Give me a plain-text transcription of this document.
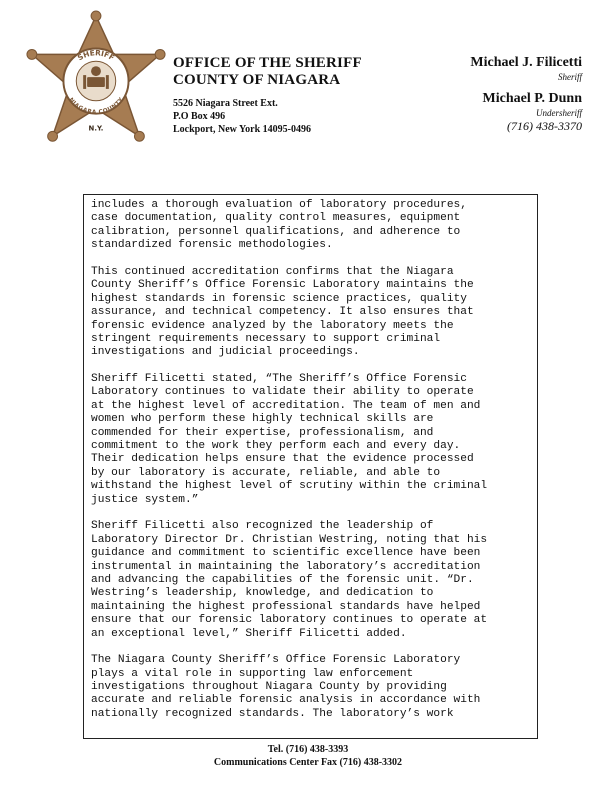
SHERIFF
NIAGARA COUNTY
N.Y.
OFFICE OF THE SHERIFF
COUNTY OF NIAGARA
5526 Niagara Street Ext.
P.O Box 496
Lockport, New York 14095-0496
Michael J. Filicetti
Sheriff
Michael P. Dunn
Undersheriff
(716) 438-3370
includes a thorough evaluation of laboratory procedures,
case documentation, quality control measures, equipment
calibration, personnel qualifications, and adherence to
standardized forensic methodologies.
This continued accreditation confirms that the Niagara
County Sheriff’s Office Forensic Laboratory maintains the
highest standards in forensic science practices, quality
assurance, and technical competency. It also ensures that
forensic evidence analyzed by the laboratory meets the
stringent requirements necessary to support criminal
investigations and judicial proceedings.
Sheriff Filicetti stated, “The Sheriff’s Office Forensic
Laboratory continues to validate their ability to operate
at the highest level of accreditation. The team of men and
women who perform these highly technical skills are
commended for their expertise, professionalism, and
commitment to the work they perform each and every day.
Their dedication helps ensure that the evidence processed
by our laboratory is accurate, reliable, and able to
withstand the highest level of scrutiny within the criminal
justice system.”
Sheriff Filicetti also recognized the leadership of
Laboratory Director Dr. Christian Westring, noting that his
guidance and commitment to scientific excellence have been
instrumental in maintaining the laboratory’s accreditation
and advancing the capabilities of the forensic unit. “Dr.
Westring’s leadership, knowledge, and dedication to
maintaining the highest professional standards have helped
ensure that our forensic laboratory continues to operate at
an exceptional level,” Sheriff Filicetti added.
The Niagara County Sheriff’s Office Forensic Laboratory
plays a vital role in supporting law enforcement
investigations throughout Niagara County by providing
accurate and reliable forensic analysis in accordance with
nationally recognized standards. The laboratory’s work
Tel. (716) 438-3393
Communications Center Fax (716) 438-3302
